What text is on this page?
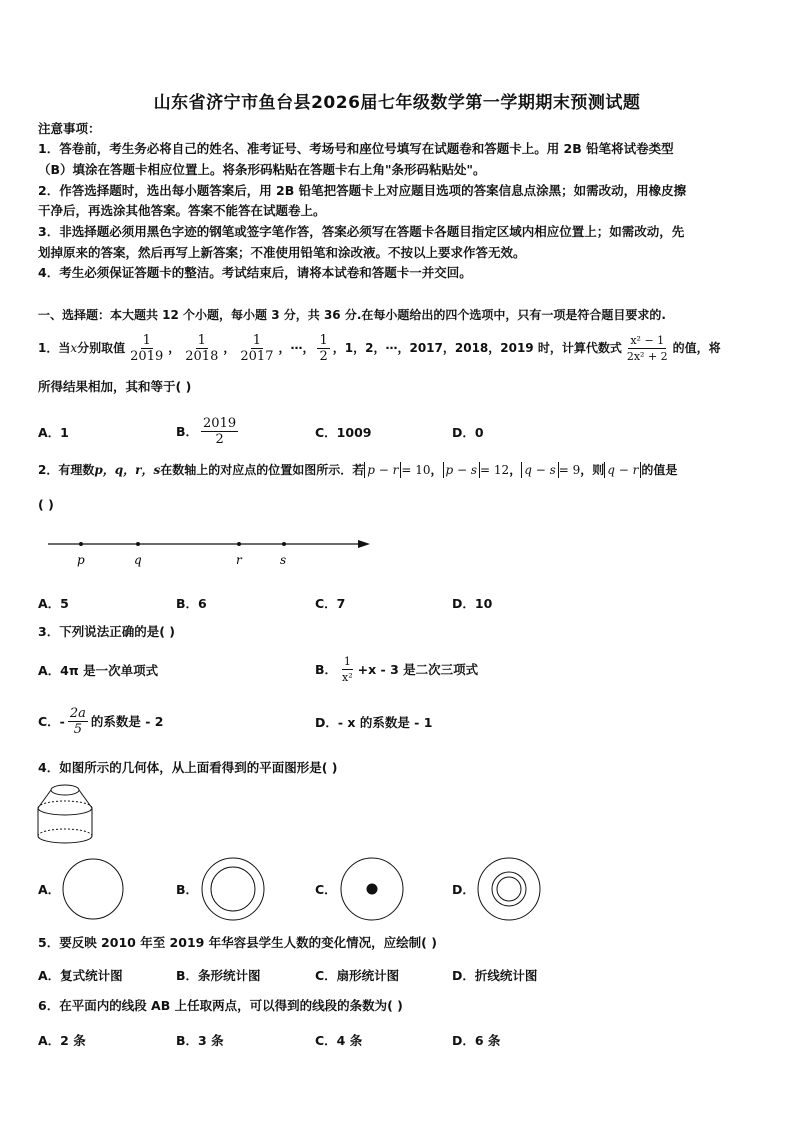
山东省济宁市鱼台县2026届七年级数学第一学期期末预测试题
注意事项：
1．答卷前，考生务必将自己的姓名、准考证号、考场号和座位号填写在试题卷和答题卡上。用 2B 铅笔将试卷类型
（B）填涂在答题卡相应位置上。将条形码粘贴在答题卡右上角"条形码粘贴处"。
2．作答选择题时，选出每小题答案后，用 2B 铅笔把答题卡上对应题目选项的答案信息点涂黑；如需改动，用橡皮擦
干净后，再选涂其他答案。答案不能答在试题卷上。
3．非选择题必须用黑色字迹的钢笔或签字笔作答，答案必须写在答题卡各题目指定区域内相应位置上；如需改动，先
划掉原来的答案，然后再写上新答案；不准使用铅笔和涂改液。不按以上要求作答无效。
4．考生必须保证答题卡的整洁。考试结束后，请将本试卷和答题卡一并交回。
一、选择题：本大题共 12 个小题，每小题 3 分，共 36 分.在每小题给出的四个选项中，只有一项是符合题目要求的.
1．当 x 分别取值 $\frac{1}{2019}$ ， $\frac{1}{2018}$ ， $\frac{1}{2017}$ ，⋯， $\frac{1}{2}$ ，1，2，⋯，2017，2018，2019 时，计算代数式 $\frac{\text{x² − 1}}{\text{2x² + 2}}$ 的值，将
所得结果相加，其和等于( )
A．1	B． $\frac{2019}{2}$	C．1009	D．0
2．有理数 p，q，r，s 在数轴上的对应点的位置如图所示．若 p − r = 10 ， p − s = 12 ， q − s = 9 ，则 q − r 的值是
( )
p	q	r	s
A．5	B．6	C．7	D．10
3．下列说法正确的是( )
A．4π 是一次单项式	B． $\frac{1}{\text{x²}} +x - 3$ 是二次三项式
C．- $\frac{2a}{5}$ 的系数是 - 2	D．- x 的系数是 - 1
4．如图所示的几何体，从上面看得到的平面图形是( )
A．	B．	C．	D．
5．要反映 2010 年至 2019 年华容县学生人数的变化情况，应绘制( )
A．复式统计图	B．条形统计图	C．扇形统计图	D．折线统计图
6．在平面内的线段 AB 上任取两点，可以得到的线段的条数为( )
A．2 条	B．3 条	C．4 条	D．6 条
